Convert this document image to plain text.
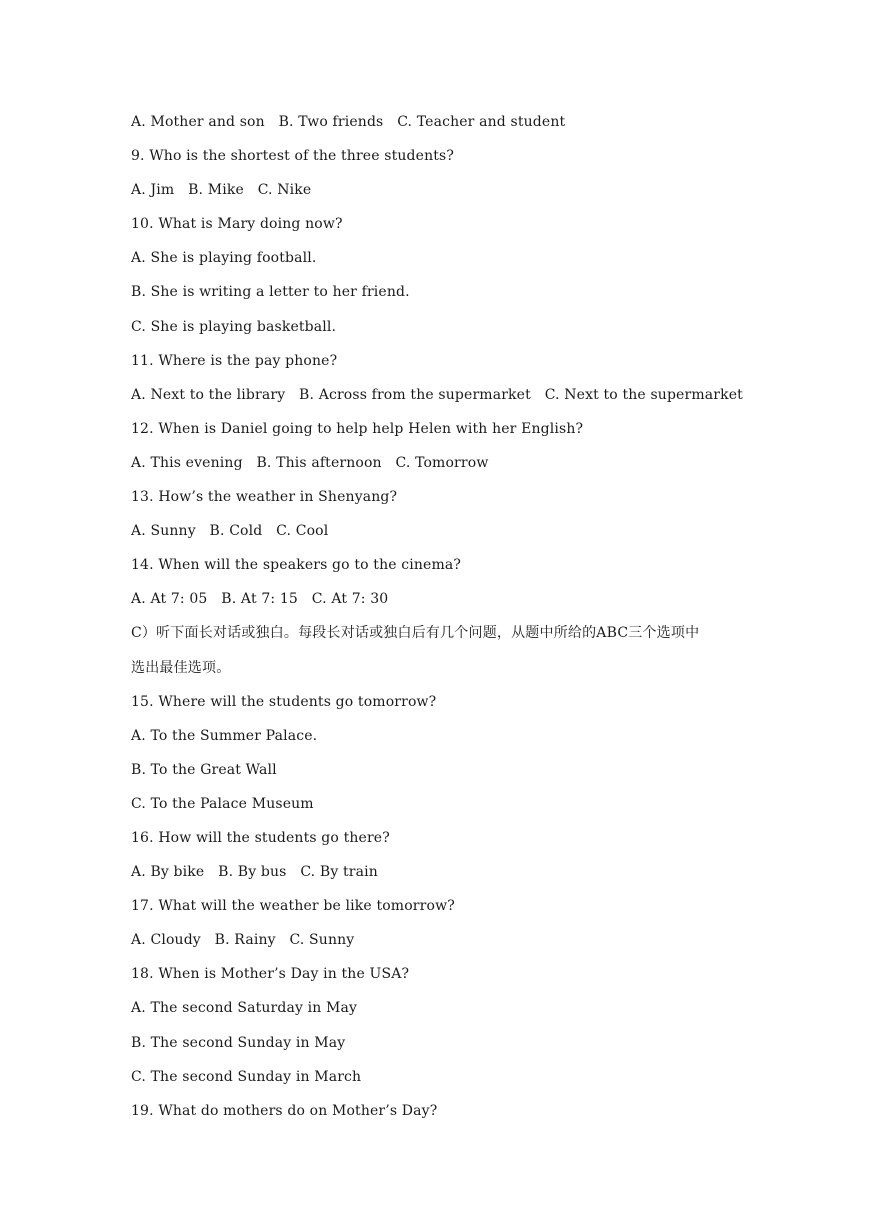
A. Mother and son   B. Two friends   C. Teacher and student
9. Who is the shortest of the three students?
A. Jim   B. Mike   C. Nike
10. What is Mary doing now?
A. She is playing football.
B. She is writing a letter to her friend.
C. She is playing basketball.
11. Where is the pay phone?
A. Next to the library   B. Across from the supermarket   C. Next to the supermarket
12. When is Daniel going to help help Helen with her English?
A. This evening   B. This afternoon   C. Tomorrow
13. How’s the weather in Shenyang?
A. Sunny   B. Cold   C. Cool
14. When will the speakers go to the cinema?
A. At 7: 05   B. At 7: 15   C. At 7: 30
C）听下面长对话或独白。每段长对话或独白后有几个问题，从题中所给的ABC三个选项中
选出最佳选项。
15. Where will the students go tomorrow?
A. To the Summer Palace.
B. To the Great Wall
C. To the Palace Museum
16. How will the students go there?
A. By bike   B. By bus   C. By train
17. What will the weather be like tomorrow?
A. Cloudy   B. Rainy   C. Sunny
18. When is Mother’s Day in the USA?
A. The second Saturday in May
B. The second Sunday in May
C. The second Sunday in March
19. What do mothers do on Mother’s Day?
